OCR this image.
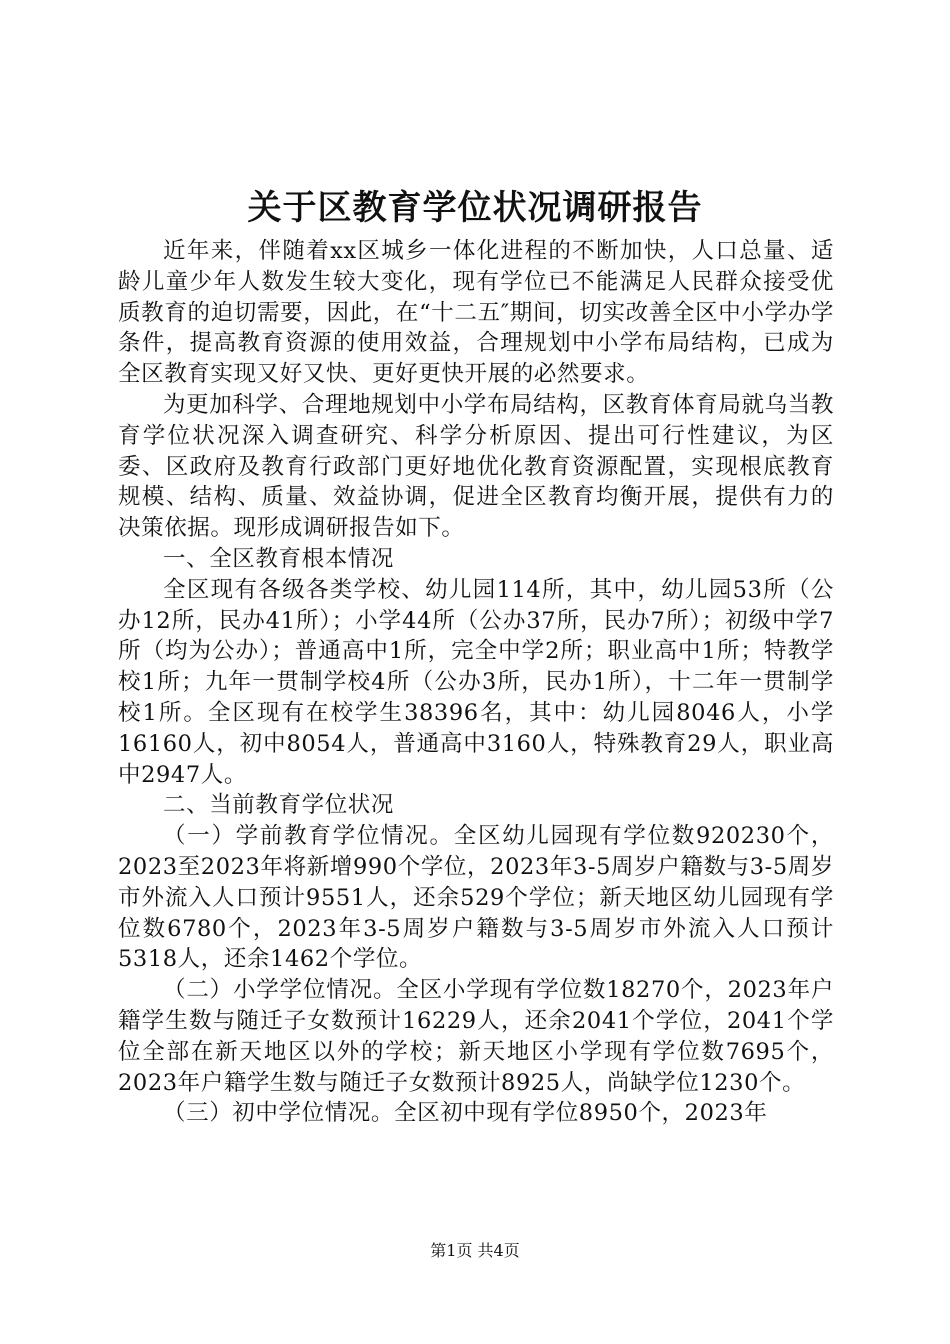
关于区教育学位状况调研报告

近年来，伴随着xx区城乡一体化进程的不断加快，人口总量、适龄儿童少年人数发生较大变化，现有学位已不能满足人民群众接受优质教育的迫切需要，因此，在“十二五″期间，切实改善全区中小学办学条件，提高教育资源的使用效益，合理规划中小学布局结构，已成为全区教育实现又好又快、更好更快开展的必然要求。

为更加科学、合理地规划中小学布局结构，区教育体育局就乌当教育学位状况深入调查研究、科学分析原因、提出可行性建议，为区委、区政府及教育行政部门更好地优化教育资源配置，实现根底教育规模、结构、质量、效益协调，促进全区教育均衡开展，提供有力的决策依据。现形成调研报告如下。

一、全区教育根本情况

全区现有各级各类学校、幼儿园114所，其中，幼儿园53所（公办12所，民办41所）；小学44所（公办37所，民办7所）；初级中学7所（均为公办）；普通高中1所，完全中学2所；职业高中1所；特教学校1所；九年一贯制学校4所（公办3所，民办1所），十二年一贯制学校1所。全区现有在校学生38396名，其中：幼儿园8046人，小学16160人，初中8054人，普通高中3160人，特殊教育29人，职业高中2947人。

二、当前教育学位状况

（一）学前教育学位情况。全区幼儿园现有学位数920230个，2023至2023年将新增990个学位，2023年3-5周岁户籍数与3-5周岁市外流入人口预计9551人，还余529个学位；新天地区幼儿园现有学位数6780个，2023年3-5周岁户籍数与3-5周岁市外流入人口预计5318人，还余1462个学位。

（二）小学学位情况。全区小学现有学位数18270个，2023年户籍学生数与随迁子女数预计16229人，还余2041个学位，2041个学位全部在新天地区以外的学校；新天地区小学现有学位数7695个，2023年户籍学生数与随迁子女数预计8925人，尚缺学位1230个。

（三）初中学位情况。全区初中现有学位8950个，2023年

第1页 共4页
